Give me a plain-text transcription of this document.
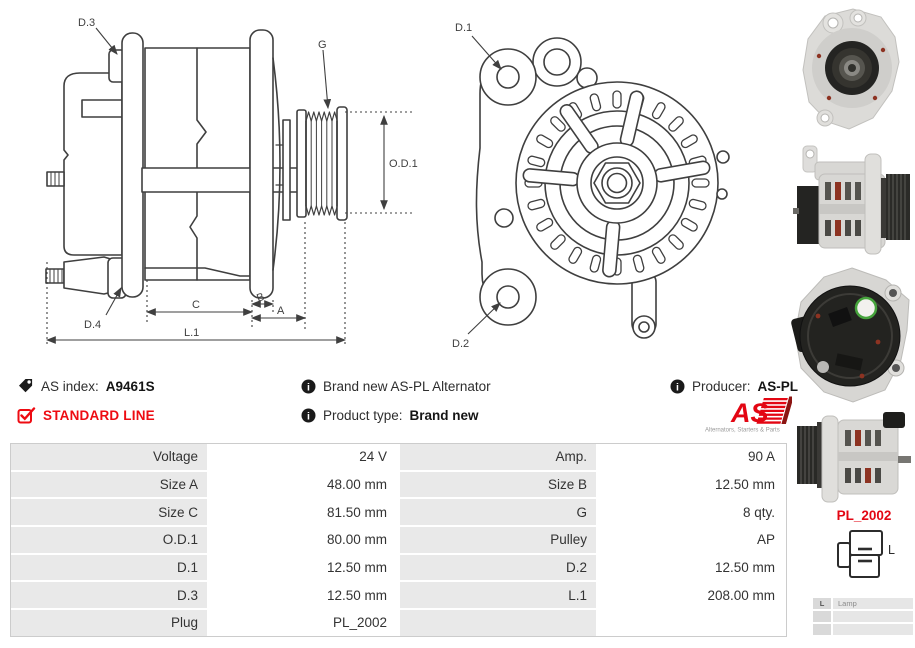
D.3
G
O.D.1
D.4
C
B
A
L.1
D.1
D.2
AS index: A9461S
STANDARD LINE
i Brand new AS-PL Alternator
i Product type: Brand new
i Producer: AS-PL
AS
Alternators, Starters & Parts
Voltage	24 V	Amp.	90 A
Size A	48.00 mm	Size B	12.50 mm
Size C	81.50 mm	G	8 qty.
O.D.1	80.00 mm	Pulley	AP
D.1	12.50 mm	D.2	12.50 mm
D.3	12.50 mm	L.1	208.00 mm
Plug	PL_2002
PL_2002
L
L	Lamp
